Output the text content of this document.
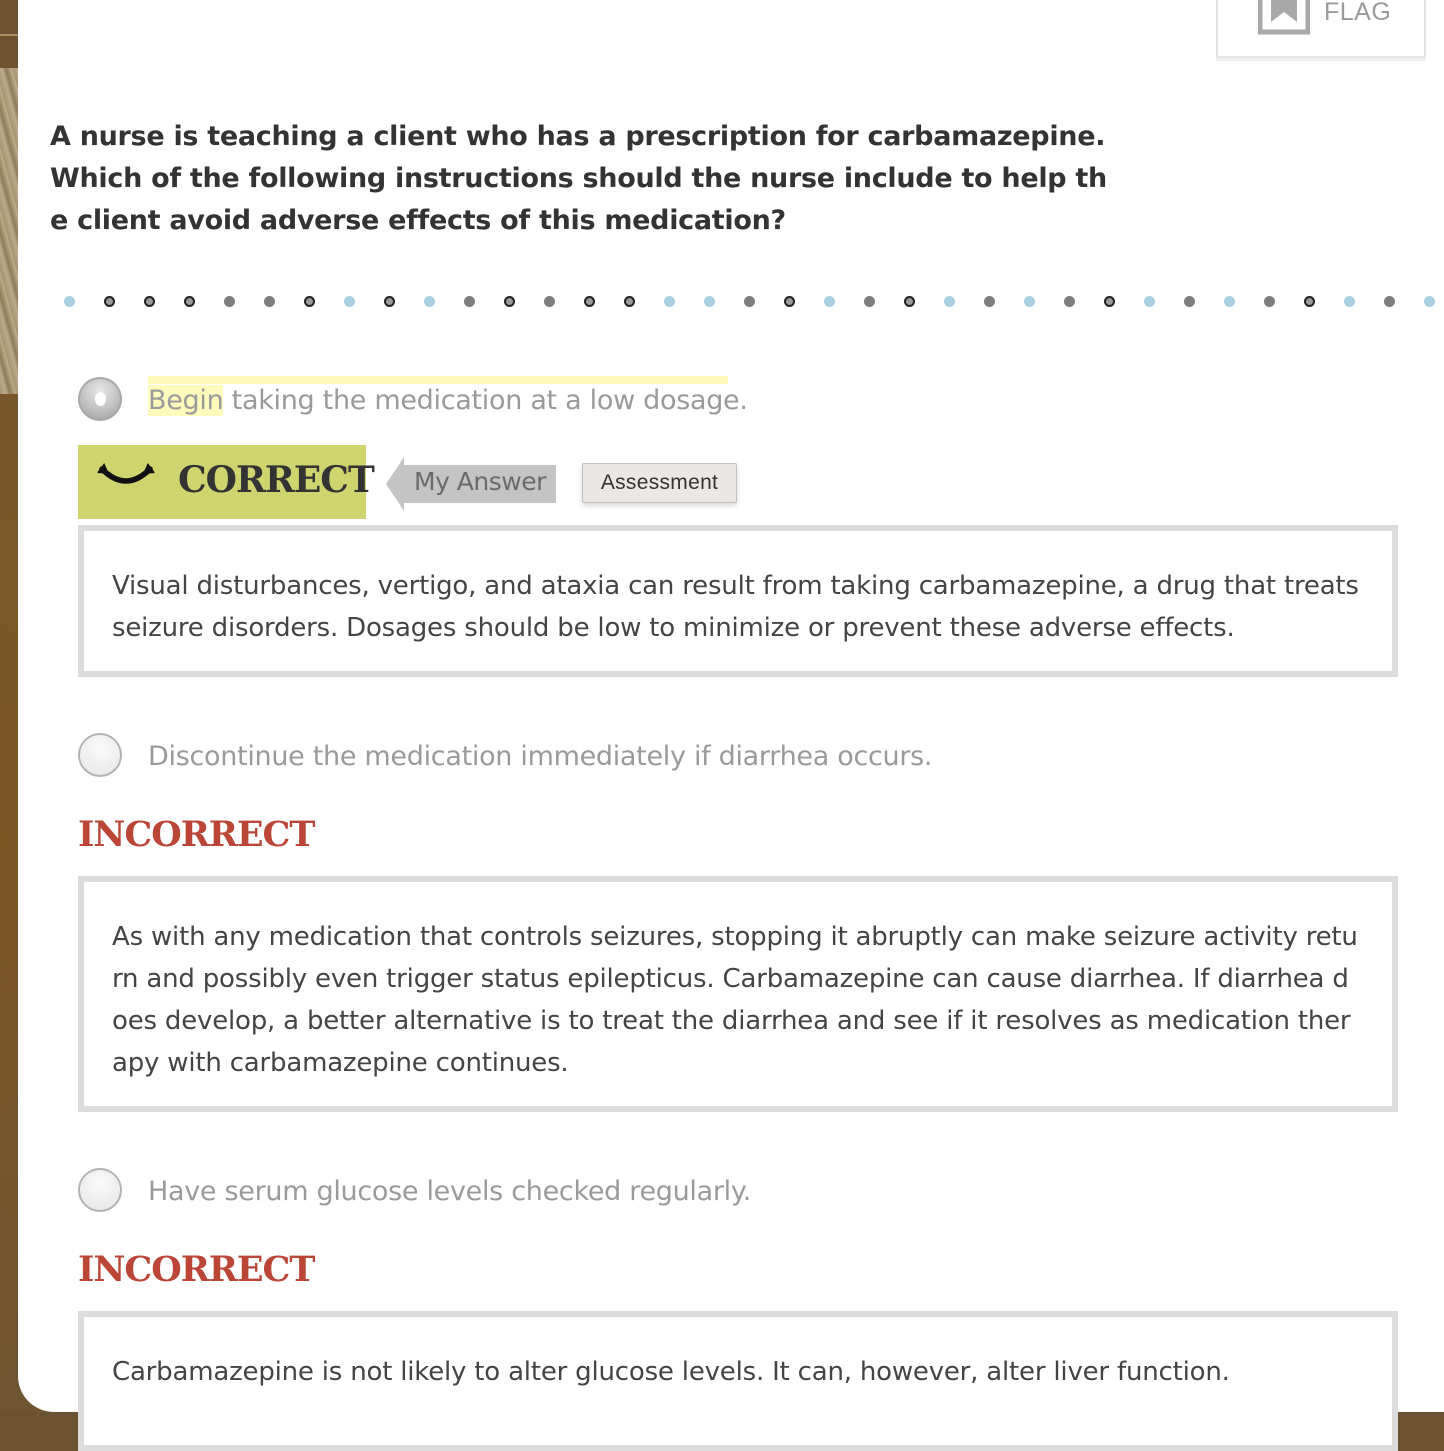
FLAG
A nurse is teaching a client who has a prescription for carbamazepine. Which of the following instructions should the nurse include to help the client avoid adverse effects of this medication?
Begin taking the medication at a low dosage.
CORRECT My Answer	Assessment
Visual disturbances, vertigo, and ataxia can result from taking carbamazepine, a drug that treats seizure disorders. Dosages should be low to minimize or prevent these adverse effects.
Discontinue the medication immediately if diarrhea occurs.
INCORRECT
As with any medication that controls seizures, stopping it abruptly can make seizure activity return and possibly even trigger status epilepticus. Carbamazepine can cause diarrhea. If diarrhea does develop, a better alternative is to treat the diarrhea and see if it resolves as medication therapy with carbamazepine continues.
Have serum glucose levels checked regularly.
INCORRECT
Carbamazepine is not likely to alter glucose levels. It can, however, alter liver function.
